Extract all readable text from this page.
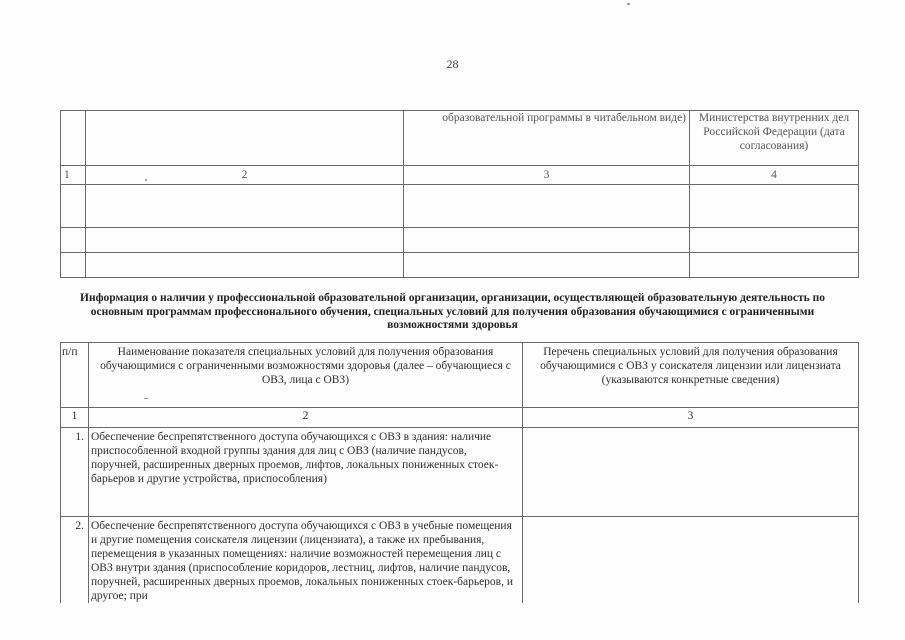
28
		образовательной программы в читабельном виде)	Министерства внутренних дел Российской Федерации (дата согласования)
1	2	3	4

Информация о наличии у профессиональной образовательной организации, организации, осуществляющей образовательную деятельность по основным программам профессионального обучения, специальных условий для получения образования обучающимися с ограниченными возможностями здоровья
п/п	Наименование показателя специальных условий для получения образования обучающимися с ограниченными возможностями здоровья (далее – обучающиеся с ОВЗ, лица с ОВЗ)	Перечень специальных условий для получения образования обучающимися с ОВЗ у соискателя лицензии или лицензиата (указываются конкретные сведения)
1	2	3
1.	Обеспечение беспрепятственного доступа обучающихся с ОВЗ в здания: наличие приспособленной входной группы здания для лиц с ОВЗ (наличие пандусов, поручней, расширенных дверных проемов, лифтов, локальных пониженных стоек-барьеров и другие устройства, приспособления)	
2.	Обеспечение беспрепятственного доступа обучающихся с ОВЗ в учебные помещения и другие помещения соискателя лицензии (лицензиата), а также их пребывания, перемещения в указанных помещениях: наличие возможностей перемещения лиц с ОВЗ внутри здания (приспособление коридоров, лестниц, лифтов, наличие пандусов, поручней, расширенных дверных проемов, локальных пониженных стоек-барьеров, и другое; при	
